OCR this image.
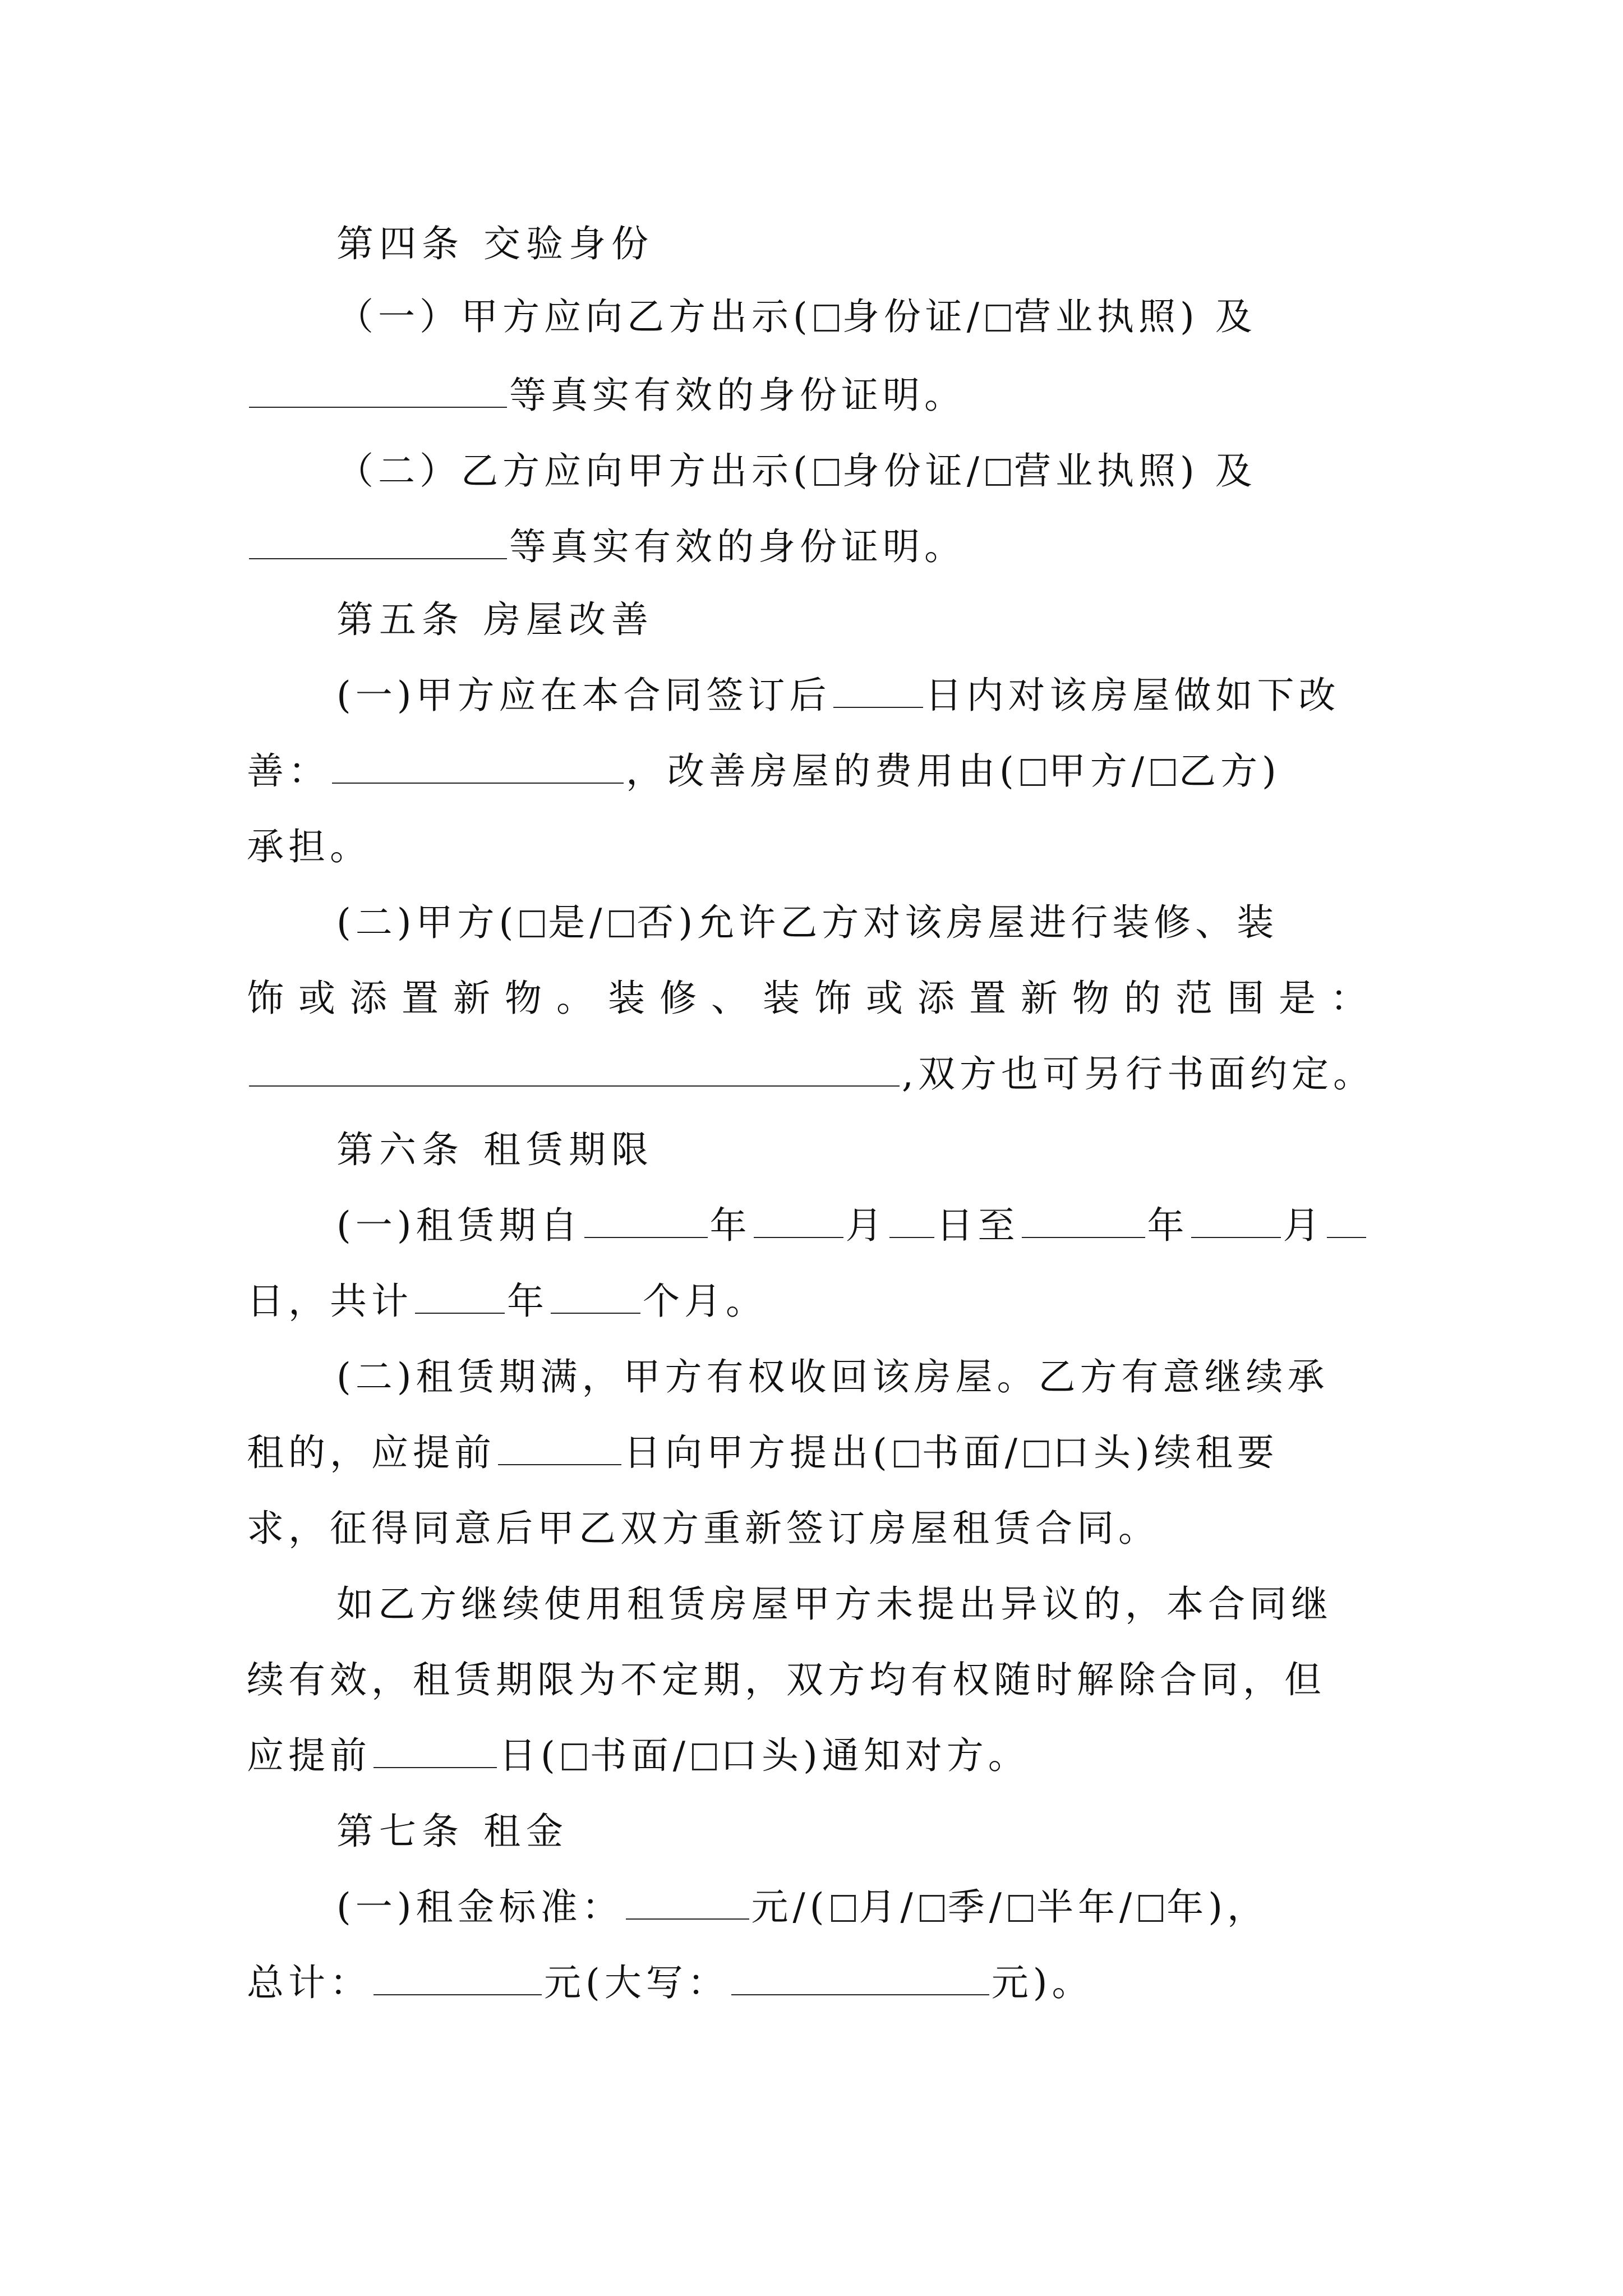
第四条 交验身份
（一）甲方应向乙方出示( 身份证/ 营业执照) 及
等真实有效的身份证明。
（二）乙方应向甲方出示( 身份证/ 营业执照) 及
等真实有效的身份证明。
第五条 房屋改善
(一)甲方应在本合同签订后	日内对该房屋做如下改
善：	，改善房屋的费用由( 甲方/ 乙方)
承担。
(二)甲方( 是/ 否)允许乙方对该房屋进行装修、装
饰或添置新物。装修、装饰或添置新物的范围是：
,双方也可另行书面约定。
第六条 租赁期限
(一)租赁期自	年	月 日至	年	月
日，共计	年	个月。
(二)租赁期满，甲方有权收回该房屋。乙方有意继续承
租的，应提前	日向甲方提出( 书面/ 口头)续租要
求，征得同意后甲乙双方重新签订房屋租赁合同。
如乙方继续使用租赁房屋甲方未提出异议的，本合同继
续有效，租赁期限为不定期，双方均有权随时解除合同，但
应提前	日( 书面/ 口头)通知对方。
第七条 租金
(一)租金标准：	元/( 月/ 季/ 半年/ 年)，
总计：	元(大写：	元)。
